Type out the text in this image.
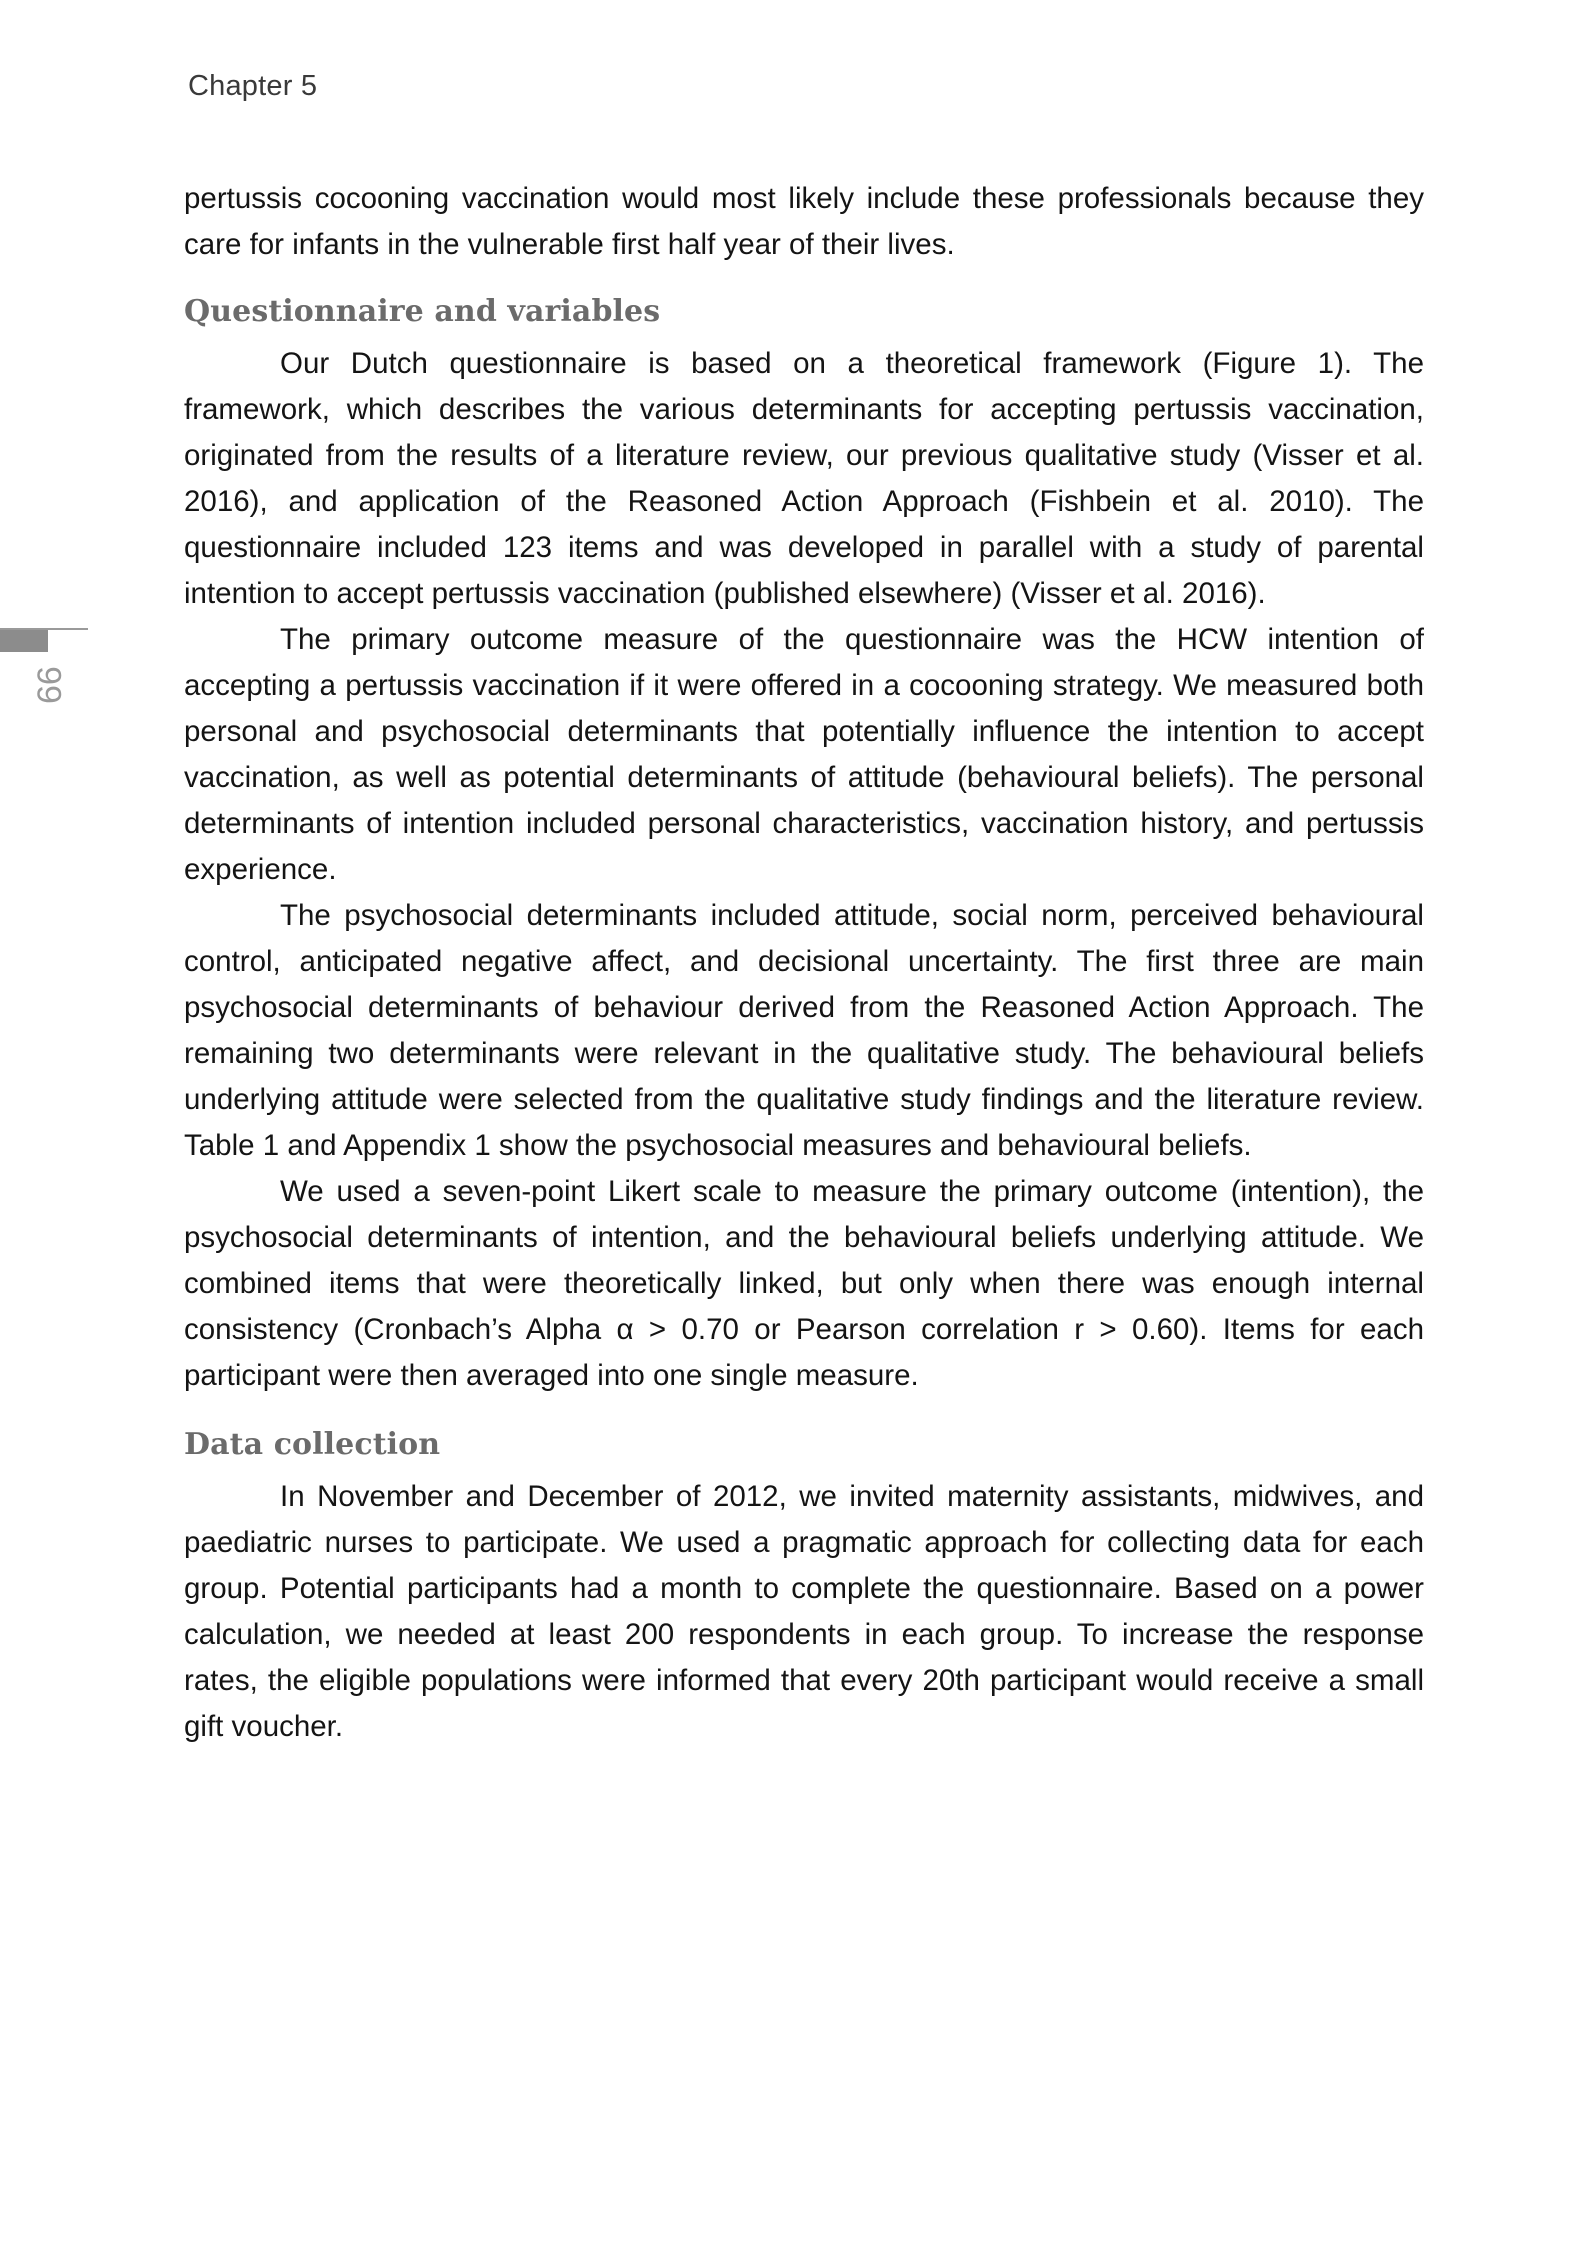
Chapter 5
99

pertussis cocooning vaccination would most likely include these professionals because they care for infants in the vulnerable first half year of their lives.

Questionnaire and variables

Our Dutch questionnaire is based on a theoretical framework (Figure 1). The framework, which describes the various determinants for accepting pertussis vaccination, originated from the results of a literature review, our previous qualitative study (Visser et al. 2016), and application of the Reasoned Action Approach (Fishbein et al. 2010). The questionnaire included 123 items and was developed in parallel with a study of parental intention to accept pertussis vaccination (published elsewhere) (Visser et al. 2016).

The primary outcome measure of the questionnaire was the HCW intention of accepting a pertussis vaccination if it were offered in a cocooning strategy. We measured both personal and psychosocial determinants that potentially influence the intention to accept vaccination, as well as potential determinants of attitude (behavioural beliefs). The personal determinants of intention included personal characteristics, vaccination history, and pertussis experience.

The psychosocial determinants included attitude, social norm, perceived behavioural control, anticipated negative affect, and decisional uncertainty. The first three are main psychosocial determinants of behaviour derived from the Reasoned Action Approach. The remaining two determinants were relevant in the qualitative study. The behavioural beliefs underlying attitude were selected from the qualitative study findings and the literature review. Table 1 and Appendix 1 show the psychosocial measures and behavioural beliefs.

We used a seven-point Likert scale to measure the primary outcome (intention), the psychosocial determinants of intention, and the behavioural beliefs underlying attitude. We combined items that were theoretically linked, but only when there was enough internal consistency (Cronbach’s Alpha α > 0.70 or Pearson correlation r > 0.60). Items for each participant were then averaged into one single measure.

Data collection

In November and December of 2012, we invited maternity assistants, midwives, and paediatric nurses to participate. We used a pragmatic approach for collecting data for each group. Potential participants had a month to complete the questionnaire. Based on a power calculation, we needed at least 200 respondents in each group. To increase the response rates, the eligible populations were informed that every 20th participant would receive a small gift voucher.
